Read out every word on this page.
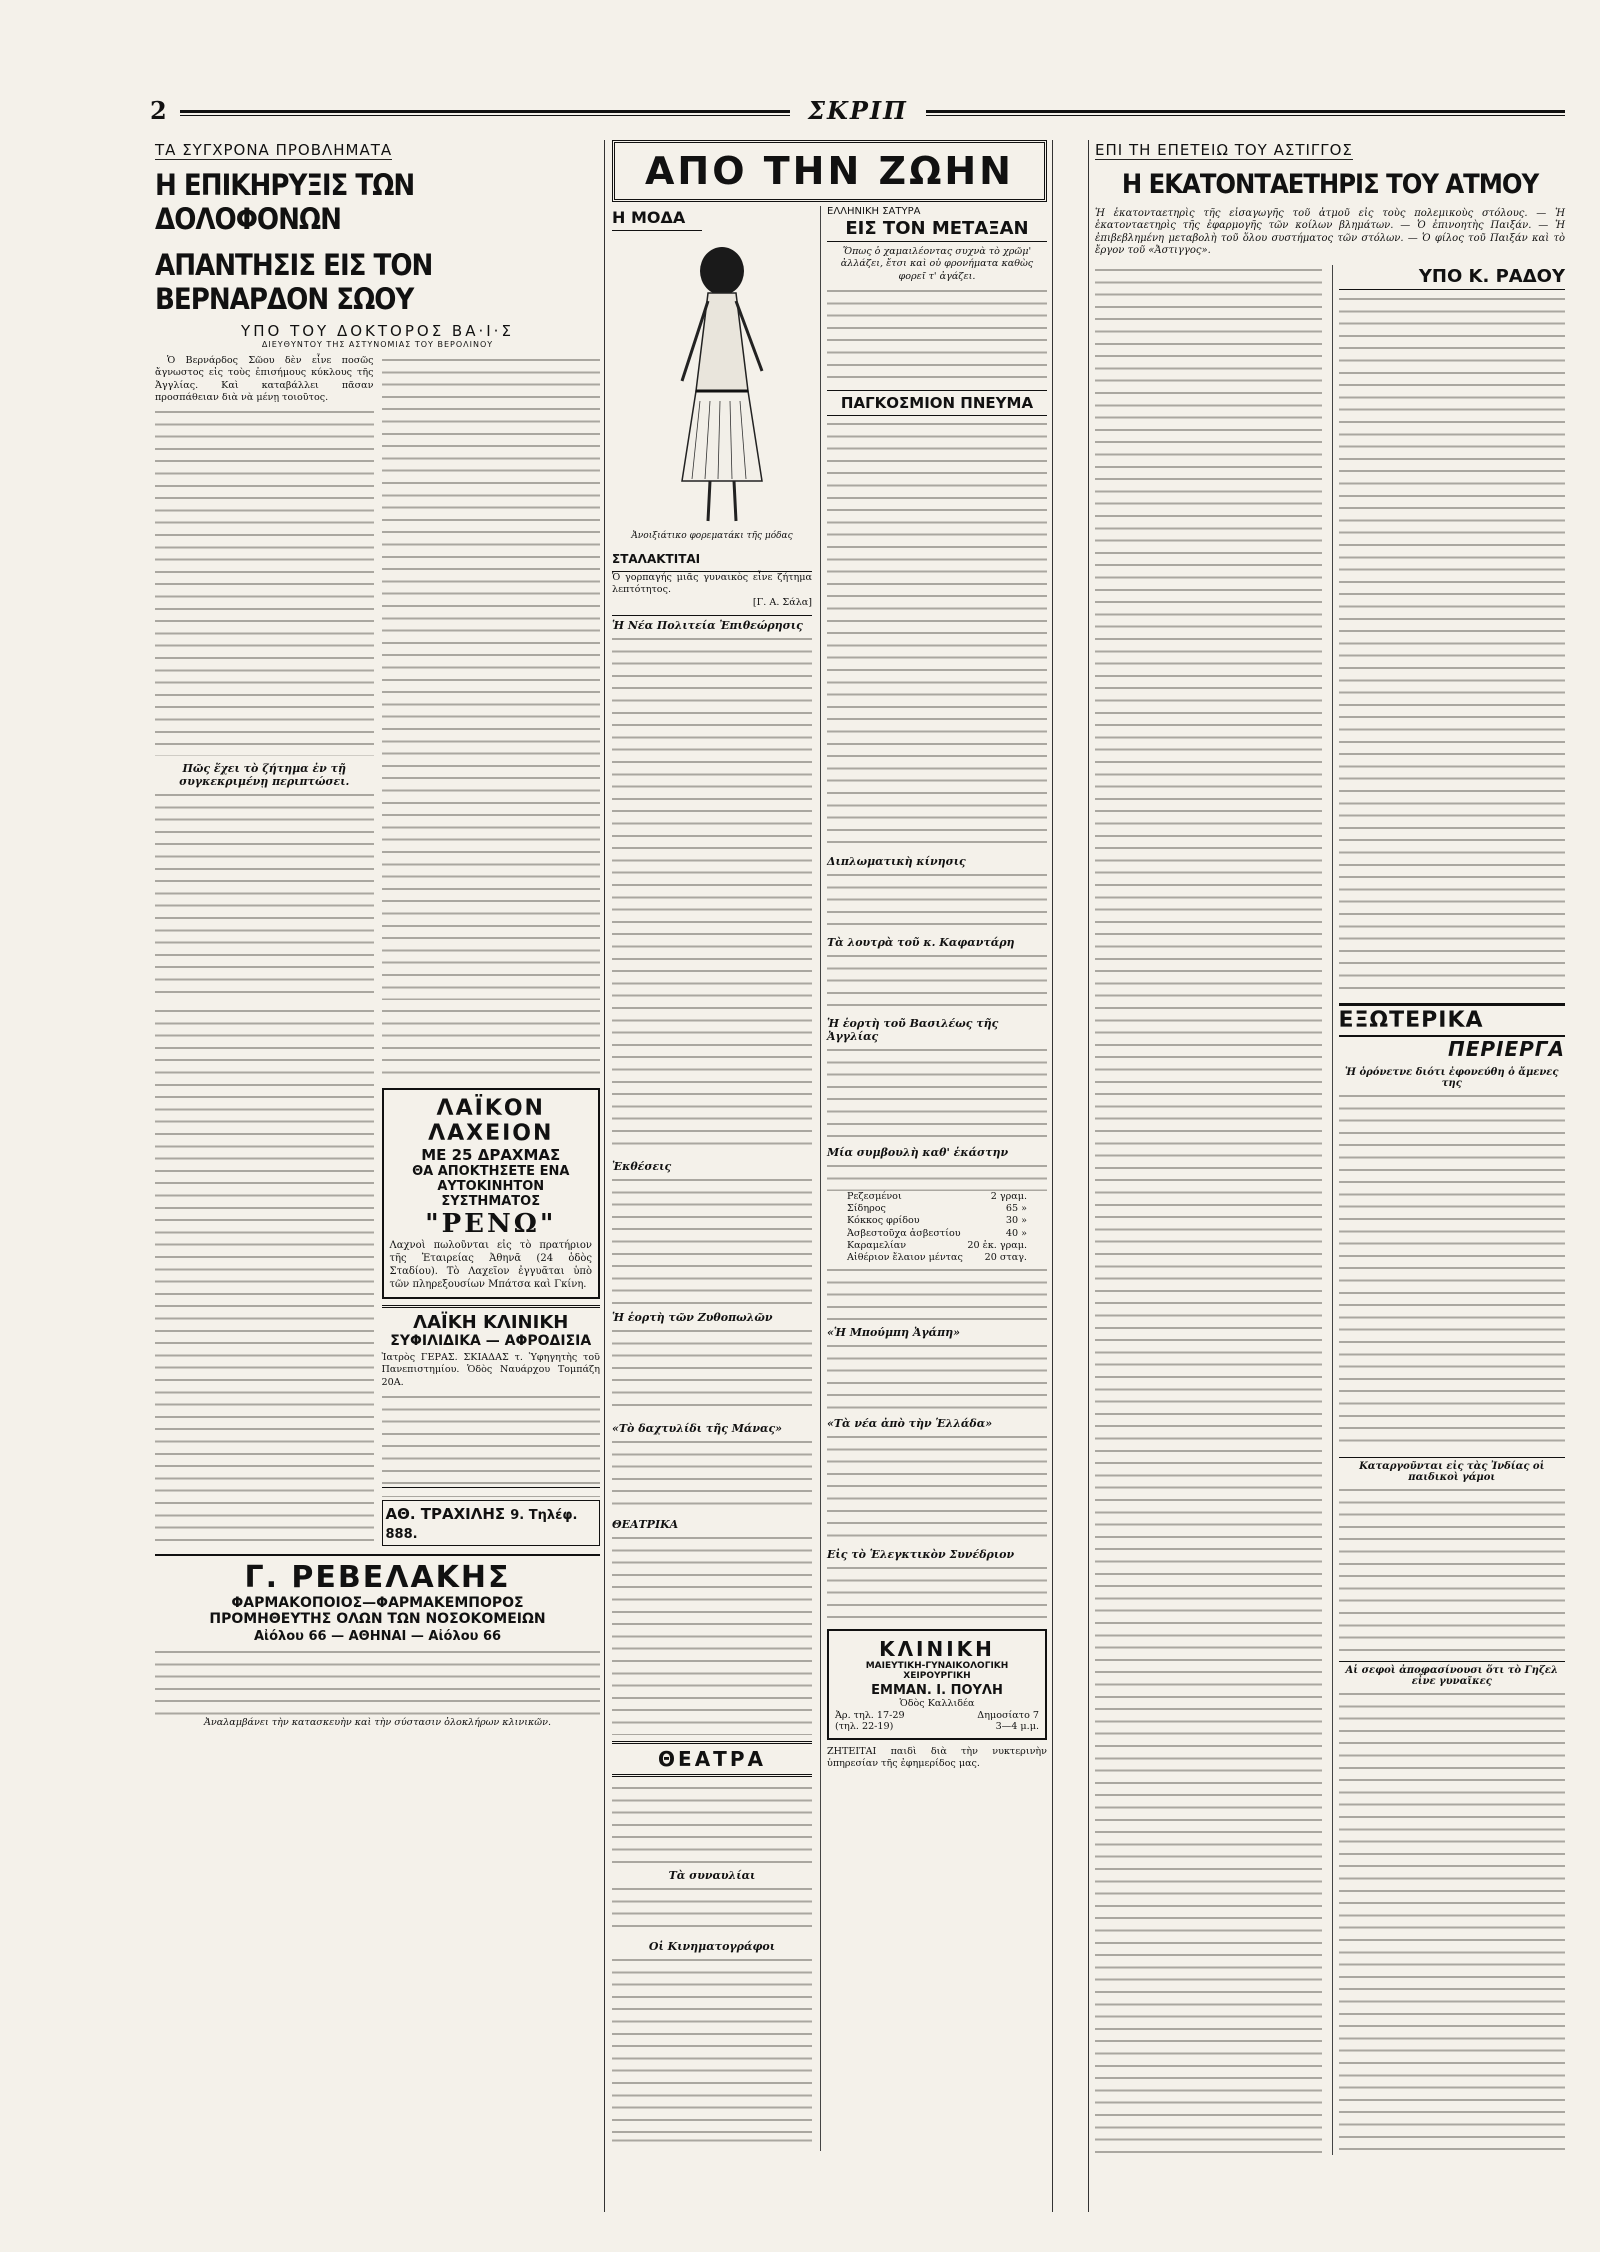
2	ΣΚΡΙΠ
ΤΑ ΣΥΓΧΡΟΝΑ ΠΡΟΒΛΗΜΑΤΑ
Η ΕΠΙΚΗΡΥΞΙΣ ΤΩΝ ΔΟΛΟΦΟΝΩΝ
ΑΠΑΝΤΗΣΙΣ ΕΙΣ ΤΟΝ ΒΕΡΝΑΡΔΟΝ ΣΩΟΥ
ΥΠΟ ΤΟΥ ΔΟΚΤΟΡΟΣ ΒΑ·Ι·Σ
ΔΙΕΥΘΥΝΤΟΥ ΤΗΣ ΑΣΤΥΝΟΜΙΑΣ ΤΟΥ ΒΕΡΟΛΙΝΟΥ

Ὁ Βερνάρδος Σῶου δὲν εἶνε ποσῶς ἄγνωστος εἰς τοὺς ἐπισήμους κύκλους τῆς Ἀγγλίας. Καὶ καταβάλλει πᾶσαν προσπάθειαν διὰ νὰ μένῃ τοιοῦτος.

Πῶς ἔχει τὸ ζήτημα ἐν τῇ συγκεκριμένῃ περιπτώσει.
ΛΑΪΚΟΝ ΛΑΧΕΙΟΝ
ΜΕ 25 ΔΡΑΧΜΑΣ
ΘΑ ΑΠΟΚΤΗΣΕΤΕ ΕΝΑ
ΑΥΤΟΚΙΝΗΤΟΝ ΣΥΣΤΗΜΑΤΟΣ
"ΡΕΝΩ"
Λαχνοὶ πωλοῦνται εἰς τὸ πρατήριον τῆς Ἑταιρείας Ἀθηνᾶ (24 ὁδὸς Σταδίου). Τὸ Λαχεῖον ἐγγυᾶται ὑπὸ τῶν πληρεξουσίων Μπάτσα καὶ Γκίνη.
ΛΑΪΚΗ ΚΛΙΝΙΚΗ
ΣΥΦΙΛΙΔΙΚΑ — ΑΦΡΟΔΙΣΙΑ
Ἰατρὸς ΓΕΡΑΣ. ΣΚΙΑΔΑΣ τ. Ὑφηγητὴς τοῦ Πανεπιστημίου. Ὁδὸς Ναυάρχου Τομπάζη 20Α.
ΑΘ. ΤΡΑΧΙΛΗΣ 9. Τηλέφ. 888.
Γ. ΡΕΒΕΛΑΚΗΣ
ΦΑΡΜΑΚΟΠΟΙΟΣ—ΦΑΡΜΑΚΕΜΠΟΡΟΣ
ΠΡΟΜΗΘΕΥΤΗΣ ΟΛΩΝ ΤΩΝ ΝΟΣΟΚΟΜΕΙΩΝ
Αἰόλου 66 — ΑΘΗΝΑΙ — Αἰόλου 66
Ἀναλαμβάνει τὴν κατασκευὴν καὶ τὴν σύστασιν ὁλοκλήρων κλινικῶν.
ΑΠΟ ΤΗΝ ΖΩΗΝ
Η ΜΟΔΑ
Ἀνοιξιάτικο φορεματάκι τῆς μόδας
ΣΤΑΛΑΚΤΙΤΑΙ
Ὁ γορπαγής μιᾶς γυναικὸς εἶνε ζήτημα λεπτότητος.
[Γ. Α. Σάλα]
Ἡ Νέα Πολιτεία Ἐπιθεώρησις
Ἐκθέσεις
Ἡ ἑορτὴ τῶν Ζυθοπωλῶν
«Τὸ δαχτυλίδι τῆς Μάνας»
ΘΕΑΤΡΙΚΑ
ΕΛΛΗΝΙΚΗ ΣΑΤΥΡΑ
ΕΙΣ ΤΟΝ ΜΕΤΑΞΑΝ
Ὅπως ὁ χαμαιλέοντας συχνὰ τὸ χρῶμ' ἀλλάζει, ἔτσι καὶ οὐ φρονήματα καθὼς φορεῖ τ' ἀγάζει.
ΠΑΓΚΟΣΜΙΟΝ ΠΝΕΥΜΑ
Διπλωματικὴ κίνησις
Τὰ λουτρὰ τοῦ κ. Καφαντάρη
Ἡ ἑορτὴ τοῦ Βασιλέως τῆς Ἀγγλίας
Μία συμβουλὴ καθ' ἑκάστην
Ρεζεσμένοι	2 γραμ.
Σίδηρος	65 »
Κόκκος φρίδου	30 »
Ἀσβεστοῦχα ἀσβεστίου	40 »
Καραμελίαν	20 ἑκ. γραμ.
Αἰθέριον ἔλαιον μέντας 20 σταγ.
«Ἡ Μπούμπη Ἀγάπη»
«Τὰ νέα ἀπὸ τὴν Ἑλλάδα»
Εἰς τὸ Ἑλεγκτικὸν Συνέδριον
ΚΛΙΝΙΚΗ
ΜΑΙΕΥΤΙΚΗ-ΓΥΝΑΙΚΟΛΟΓΙΚΗ ΧΕΙΡΟΥΡΓΙΚΗ
ΕΜΜΑΝ. Ι. ΠΟΥΛΗ
Ὁδὸς Καλλιδέα
Ἀρ. τηλ. 17-29	Δημοσίατο 7
(τηλ. 22-19)	3—4 μ.μ.
ΖΗΤΕΙΤΑΙ παιδὶ διὰ τὴν νυκτερινὴν ὑπηρεσίαν τῆς ἐφημερίδος μας.
ΘΕΑΤΡΑ
Τὰ συναυλίαι
Οἱ Κινηματογράφοι
ΕΠΙ ΤΗ ΕΠΕΤΕΙΩ ΤΟΥ ΑΣΤΙΓΓΟΣ
Η ΕΚΑΤΟΝΤΑΕΤΗΡΙΣ ΤΟΥ ΑΤΜΟΥ
Ἡ ἑκατονταετηρὶς τῆς εἰσαγωγῆς τοῦ ἀτμοῦ εἰς τοὺς πολεμικοὺς στόλους. — Ἡ ἑκατονταετηρὶς τῆς ἐφαρμογῆς τῶν κοίλων βλημάτων. — Ὁ ἐπινοητὴς Παιξάν. — Ἡ ἐπιβεβλημένη μεταβολὴ τοῦ ὅλου συστήματος τῶν στόλων. — Ὁ φίλος τοῦ Παιξάν καὶ τὸ ἔργον τοῦ «Ἀστιγγος».
ΥΠΟ Κ. ΡΑΔΟΥ
ΕΞΩΤΕΡΙΚΑ
ΠΕΡΙΕΡΓΑ
Ἡ ὁρόνετνε διότι ἐφονεύθη ὁ ἄμενες της
Καταργοῦνται εἰς τὰς Ἰνδίας οἱ παιδικοὶ γάμοι
Αἱ σεφοὶ ἀποφασίνουσι ὅτι τὸ Γηζελ εἶνε γυναῖκες
